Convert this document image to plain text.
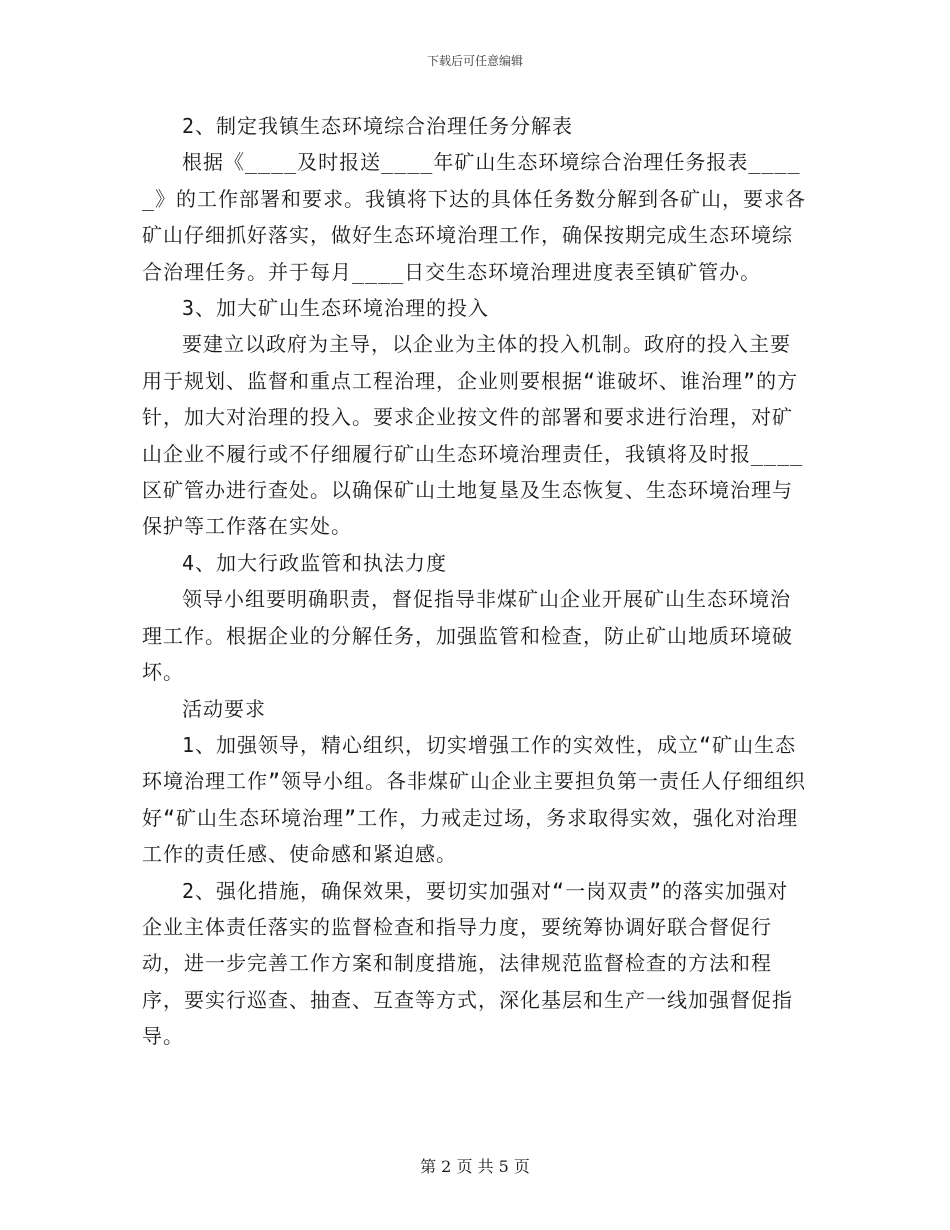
下载后可任意编辑

2、制定我镇生态环境综合治理任务分解表

根据《____及时报送____年矿山生态环境综合治理任务报表_____》的工作部署和要求。我镇将下达的具体任务数分解到各矿山，要求各矿山仔细抓好落实，做好生态环境治理工作，确保按期完成生态环境综合治理任务。并于每月____日交生态环境治理进度表至镇矿管办。

3、加大矿山生态环境治理的投入

要建立以政府为主导，以企业为主体的投入机制。政府的投入主要用于规划、监督和重点工程治理，企业则要根据“谁破坏、谁治理”的方针，加大对治理的投入。要求企业按文件的部署和要求进行治理，对矿山企业不履行或不仔细履行矿山生态环境治理责任，我镇将及时报____区矿管办进行查处。以确保矿山土地复垦及生态恢复、生态环境治理与保护等工作落在实处。

4、加大行政监管和执法力度

领导小组要明确职责，督促指导非煤矿山企业开展矿山生态环境治理工作。根据企业的分解任务，加强监管和检查，防止矿山地质环境破坏。

活动要求

1、加强领导，精心组织，切实增强工作的实效性，成立“矿山生态环境治理工作”领导小组。各非煤矿山企业主要担负第一责任人仔细组织好“矿山生态环境治理”工作，力戒走过场，务求取得实效，强化对治理工作的责任感、使命感和紧迫感。

2、强化措施，确保效果，要切实加强对“一岗双责”的落实加强对企业主体责任落实的监督检查和指导力度，要统筹协调好联合督促行动，进一步完善工作方案和制度措施，法律规范监督检查的方法和程序，要实行巡查、抽查、互查等方式，深化基层和生产一线加强督促指导。

第 2 页 共 5 页
